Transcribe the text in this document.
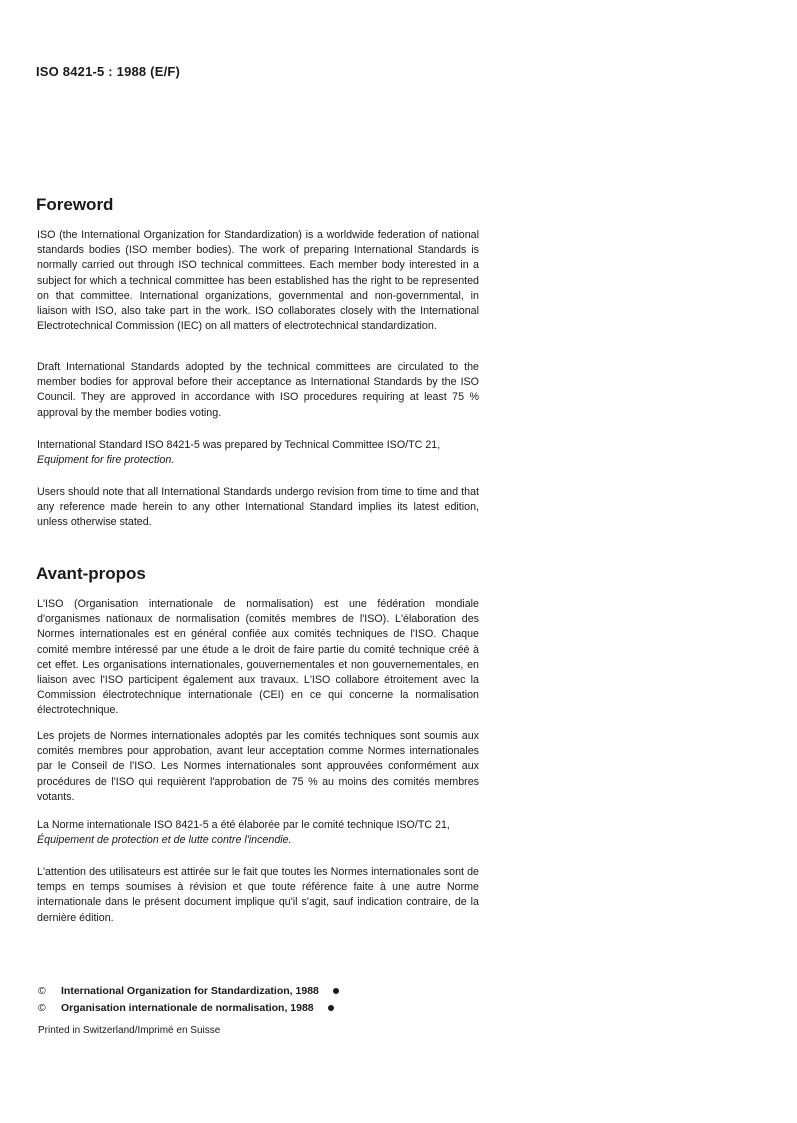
ISO 8421-5 : 1988 (E/F)
Foreword

ISO (the International Organization for Standardization) is a worldwide federation of national standards bodies (ISO member bodies). The work of preparing International Standards is normally carried out through ISO technical committees. Each member body interested in a subject for which a technical committee has been established has the right to be represented on that committee. International organizations, governmental and non-governmental, in liaison with ISO, also take part in the work. ISO collaborates closely with the International Electrotechnical Commission (IEC) on all matters of electrotechnical standardization.

Draft International Standards adopted by the technical committees are circulated to the member bodies for approval before their acceptance as International Standards by the ISO Council. They are approved in accordance with ISO procedures requiring at least 75 % approval by the member bodies voting.

International Standard ISO 8421-5 was prepared by Technical Committee ISO/TC 21,
Equipment for fire protection.

Users should note that all International Standards undergo revision from time to time and that any reference made herein to any other International Standard implies its latest edition, unless otherwise stated.

Avant-propos

L'ISO (Organisation internationale de normalisation) est une fédération mondiale d'organismes nationaux de normalisation (comités membres de l'ISO). L'élaboration des Normes internationales est en général confiée aux comités techniques de l'ISO. Chaque comité membre intéressé par une étude a le droit de faire partie du comité technique créé à cet effet. Les organisations internationales, gouvernementales et non gouvernementales, en liaison avec l'ISO participent également aux travaux. L'ISO collabore étroitement avec la Commission électrotechnique internationale (CEI) en ce qui concerne la normalisation électrotechnique.

Les projets de Normes internationales adoptés par les comités techniques sont soumis aux comités membres pour approbation, avant leur acceptation comme Normes internationales par le Conseil de l'ISO. Les Normes internationales sont approuvées conformément aux procédures de l'ISO qui requièrent l'approbation de 75 % au moins des comités membres votants.

La Norme internationale ISO 8421-5 a été élaborée par le comité technique ISO/TC 21,
Équipement de protection et de lutte contre l'incendie.

L'attention des utilisateurs est attirée sur le fait que toutes les Normes internationales sont de temps en temps soumises à révision et que toute référence faite à une autre Norme internationale dans le présent document implique qu'il s'agit, sauf indication contraire, de la dernière édition.

©	International Organization for Standardization, 1988
©	Organisation internationale de normalisation, 1988
Printed in Switzerland/Imprimé en Suisse
